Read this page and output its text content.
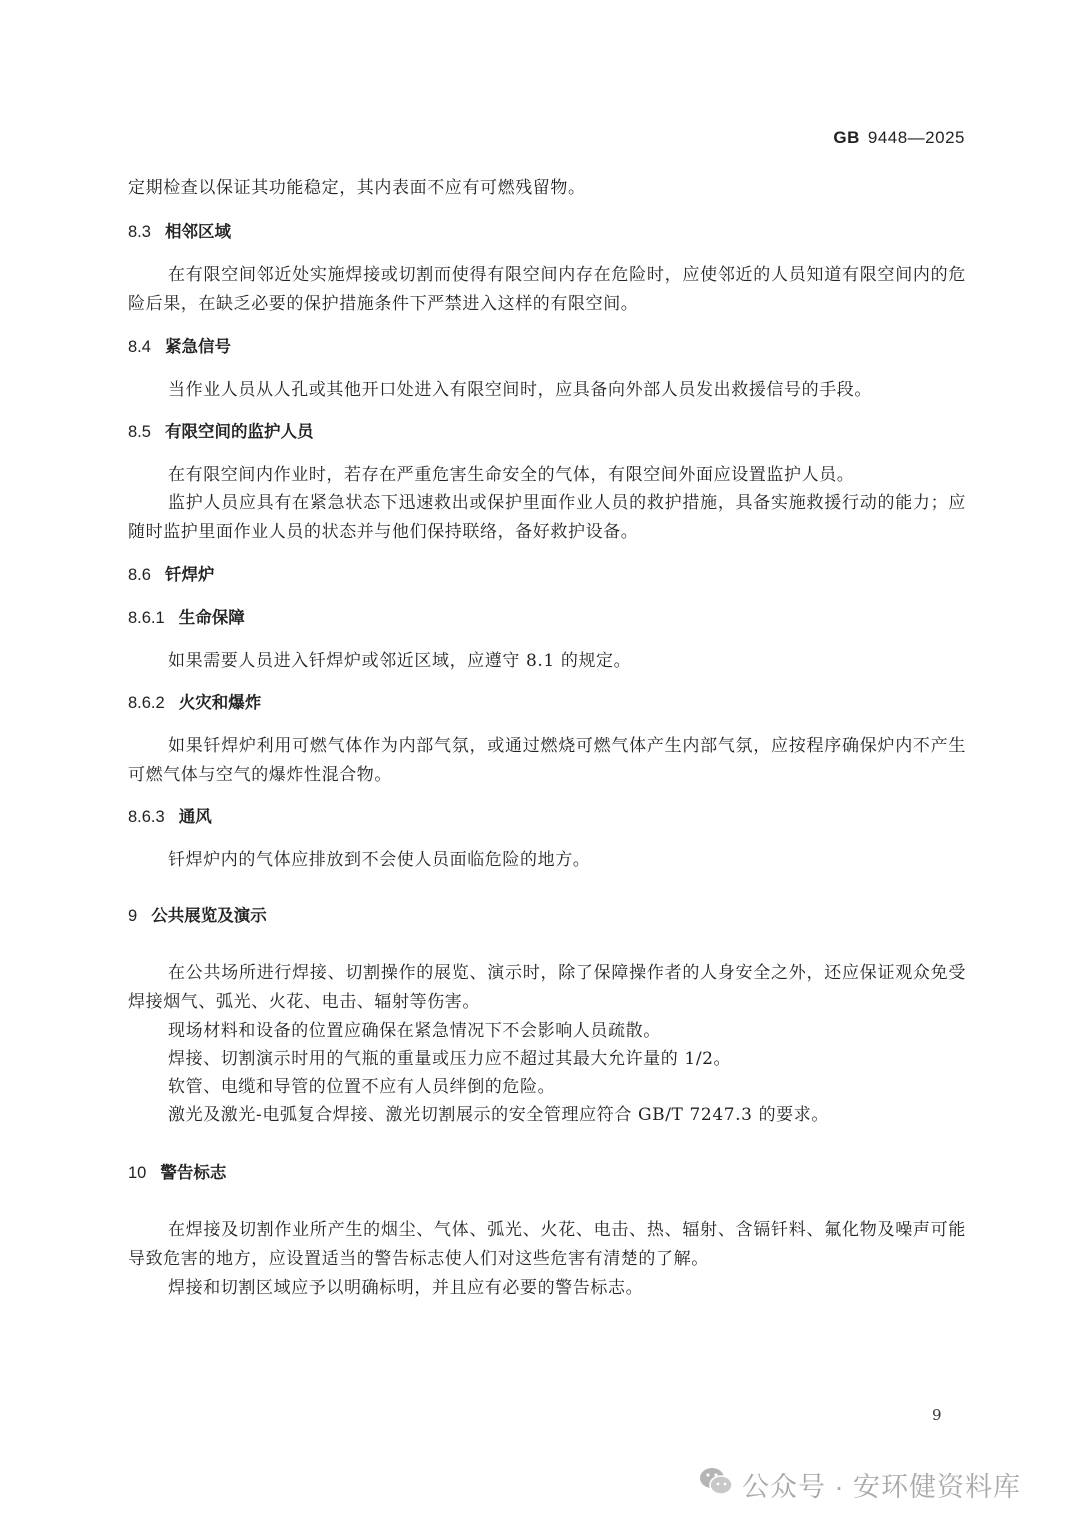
GB 9448—2025
定期检查以保证其功能稳定，其内表面不应有可燃残留物。
8.3 相邻区域
在有限空间邻近处实施焊接或切割而使得有限空间内存在危险时，应使邻近的人员知道有限空间内的危险后果，在缺乏必要的保护措施条件下严禁进入这样的有限空间。
8.4 紧急信号
当作业人员从人孔或其他开口处进入有限空间时，应具备向外部人员发出救援信号的手段。
8.5 有限空间的监护人员
在有限空间内作业时，若存在严重危害生命安全的气体，有限空间外面应设置监护人员。
监护人员应具有在紧急状态下迅速救出或保护里面作业人员的救护措施，具备实施救援行动的能力；应随时监护里面作业人员的状态并与他们保持联络，备好救护设备。
8.6 钎焊炉
8.6.1 生命保障
如果需要人员进入钎焊炉或邻近区域，应遵守 8.1 的规定。
8.6.2 火灾和爆炸
如果钎焊炉利用可燃气体作为内部气氛，或通过燃烧可燃气体产生内部气氛，应按程序确保炉内不产生可燃气体与空气的爆炸性混合物。
8.6.3 通风
钎焊炉内的气体应排放到不会使人员面临危险的地方。
9 公共展览及演示
在公共场所进行焊接、切割操作的展览、演示时，除了保障操作者的人身安全之外，还应保证观众免受焊接烟气、弧光、火花、电击、辐射等伤害。
现场材料和设备的位置应确保在紧急情况下不会影响人员疏散。
焊接、切割演示时用的气瓶的重量或压力应不超过其最大允许量的 1/2。
软管、电缆和导管的位置不应有人员绊倒的危险。
激光及激光-电弧复合焊接、激光切割展示的安全管理应符合 GB/T 7247.3 的要求。
10 警告标志
在焊接及切割作业所产生的烟尘、气体、弧光、火花、电击、热、辐射、含镉钎料、氟化物及噪声可能导致危害的地方，应设置适当的警告标志使人们对这些危害有清楚的了解。
焊接和切割区域应予以明确标明，并且应有必要的警告标志。
9
公众号 · 安环健资料库
